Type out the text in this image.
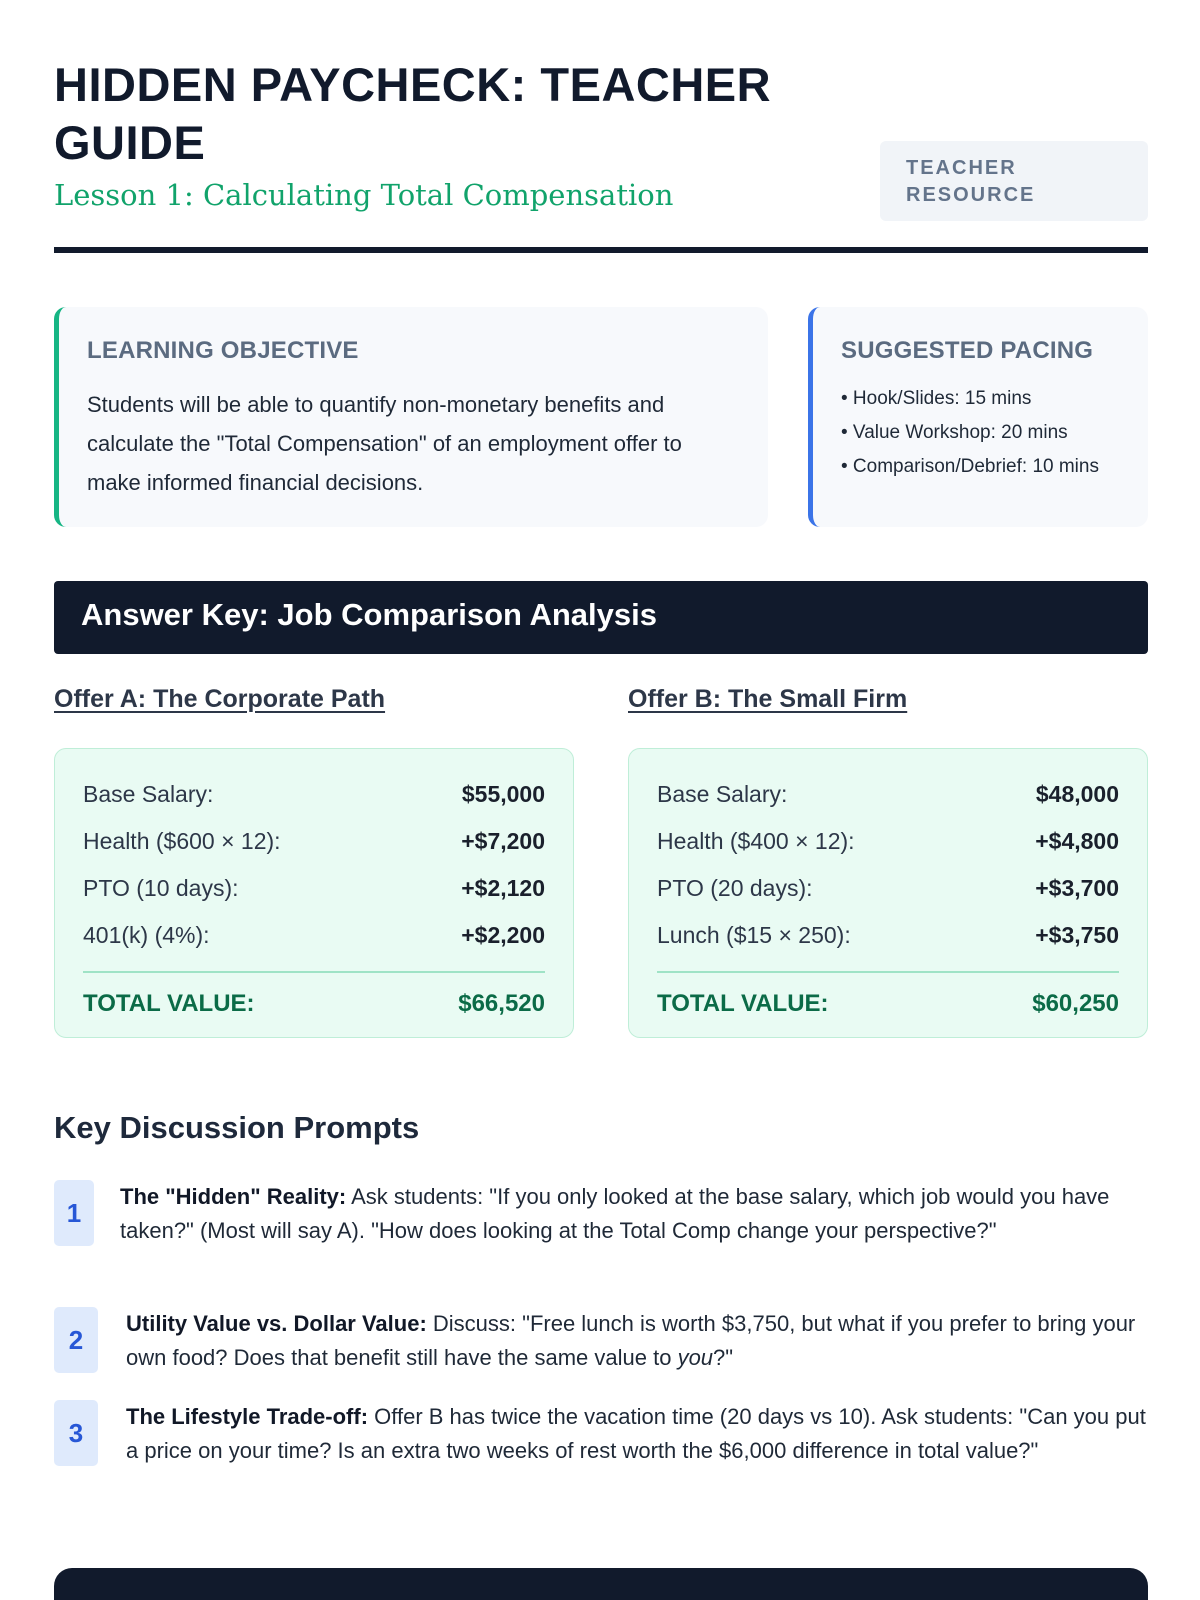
HIDDEN PAYCHECK: TEACHER GUIDE
Lesson 1: Calculating Total Compensation
TEACHER
RESOURCE
LEARNING OBJECTIVE

Students will be able to quantify non-monetary benefits and calculate the "Total Compensation" of an employment offer to make informed financial decisions.

SUGGESTED PACING
• Hook/Slides: 15 mins
• Value Workshop: 20 mins
• Comparison/Debrief: 10 mins
Answer Key: Job Comparison Analysis
Offer A: The Corporate Path	Offer B: The Small Firm
Base Salary:	$55,000
Health ($600 × 12):	+$7,200
PTO (10 days):	+$2,120
401(k) (4%):	+$2,200
TOTAL VALUE:	$66,520
Base Salary:	$48,000
Health ($400 × 12):	+$4,800
PTO (20 days):	+$3,700
Lunch ($15 × 250):	+$3,750
TOTAL VALUE:	$60,250
Key Discussion Prompts
1
The "Hidden" Reality: Ask students: "If you only looked at the base salary, which job would you have taken?" (Most will say A). "How does looking at the Total Comp change your perspective?"
2
Utility Value vs. Dollar Value: Discuss: "Free lunch is worth $3,750, but what if you prefer to bring your own food? Does that benefit still have the same value to you?"
3
The Lifestyle Trade-off: Offer B has twice the vacation time (20 days vs 10). Ask students: "Can you put a price on your time? Is an extra two weeks of rest worth the $6,000 difference in total value?"
